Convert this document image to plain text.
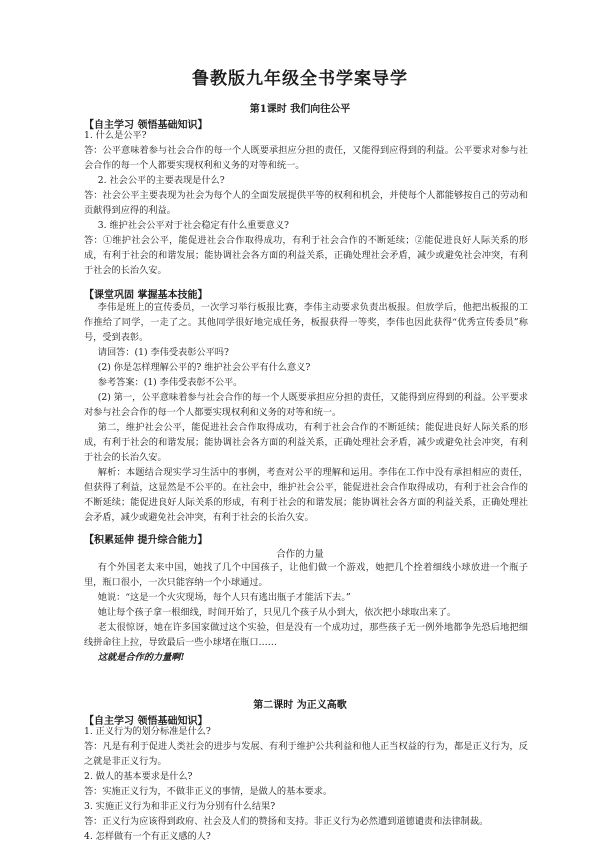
鲁教版九年级全书学案导学
第1课时 我们向往公平
【自主学习 领悟基础知识】
1. 什么是公平?
答：公平意味着参与社会合作的每一个人既要承担应分担的责任，又能得到应得到的利益。公平要求对参与社会合作的每一个人都要实现权利和义务的对等和统一。
2. 社会公平的主要表现是什么?
答：社会公平主要表现为社会为每个人的全面发展提供平等的权利和机会，并使每个人都能够按自己的劳动和贡献得到应得的利益。
3. 维护社会公平对于社会稳定有什么重要意义?
答：①维护社会公平，能促进社会合作取得成功，有利于社会合作的不断延续；②能促进良好人际关系的形成，有利于社会的和谐发展；能协调社会各方面的利益关系，正确处理社会矛盾，减少或避免社会冲突，有利于社会的长治久安。
【课堂巩固 掌握基本技能】
李伟是班上的宣传委员，一次学习举行板报比赛，李伟主动要求负责出板报。但放学后，他把出板报的工作推给了同学，一走了之。其他同学很好地完成任务，板报获得一等奖，李伟也因此获得“优秀宣传委员”称号，受到表彰。
请回答：(1) 李伟受表彰公平吗?
(2) 你是怎样理解公平的? 维护社会公平有什么意义?
参考答案：(1) 李伟受表彰不公平。
(2) 第一，公平意味着参与社会合作的每一个人既要承担应分担的责任，又能得到应得到的利益。公平要求对参与社会合作的每一个人都要实现权利和义务的对等和统一。
第二，维护社会公平，能促进社会合作取得成功，有利于社会合作的不断延续；能促进良好人际关系的形成，有利于社会的和谐发展；能协调社会各方面的利益关系，正确处理社会矛盾，减少或避免社会冲突，有利于社会的长治久安。
解析：本题结合现实学习生活中的事例，考查对公平的理解和运用。李伟在工作中没有承担相应的责任，但获得了利益，这显然是不公平的。在社会中，维护社会公平，能促进社会合作取得成功，有利于社会合作的不断延续；能促进良好人际关系的形成，有利于社会的和谐发展；能协调社会各方面的利益关系，正确处理社会矛盾，减少或避免社会冲突，有利于社会的长治久安。
【积累延伸 提升综合能力】
合作的力量
有个外国老太来中国，她找了几个中国孩子，让他们做一个游戏，她把几个拴着细线小球放进一个瓶子里，瓶口很小，一次只能容纳一个小球通过。
她说：“这是一个火灾现场，每个人只有逃出瓶子才能活下去。”
她让每个孩子拿一根细线，时间开始了，只见几个孩子从小到大，依次把小球取出来了。
老太很惊讶，她在许多国家做过这个实验，但是没有一个成功过，那些孩子无一例外地都争先恐后地把细线拼命往上拉，导致最后一些小球堵在瓶口……
这就是合作的力量啊!
第二课时 为正义高歌
【自主学习 领悟基础知识】
1. 正义行为的划分标准是什么?
答：凡是有利于促进人类社会的进步与发展、有利于维护公共利益和他人正当权益的行为，都是正义行为，反之就是非正义行为。
2. 做人的基本要求是什么?
答：实施正义行为，不做非正义的事情，是做人的基本要求。
3. 实施正义行为和非正义行为分别有什么结果?
答：正义行为应该得到政府、社会及人们的赞扬和支持。非正义行为必然遭到道德谴责和法律制裁。
4. 怎样做有一个有正义感的人?
